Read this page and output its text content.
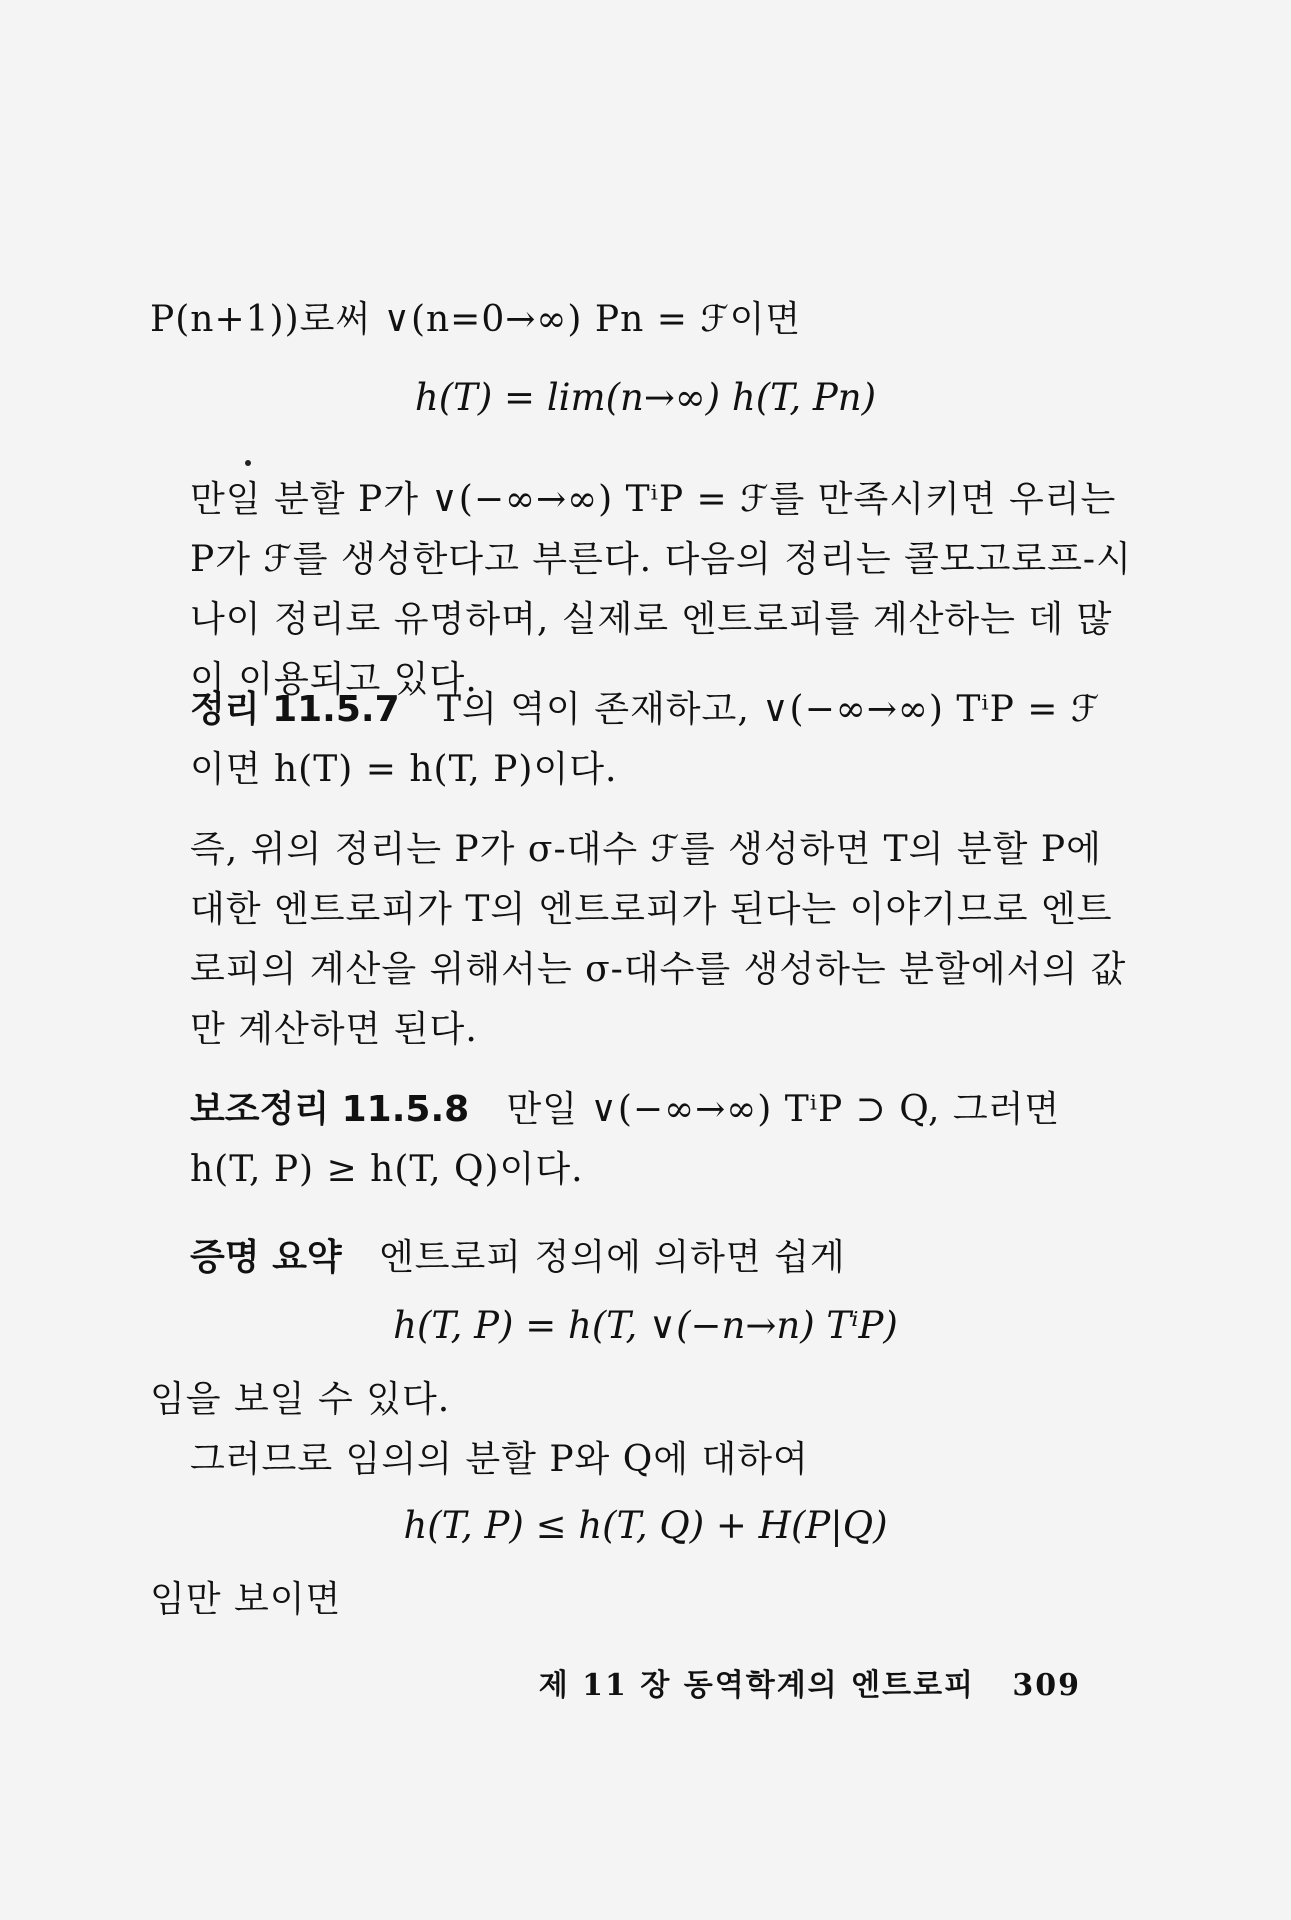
P(n+1))로써 ∨(n=0→∞) Pn = ℱ이면
h(T) = lim(n→∞) h(T, Pn)
만일 분할 P가 ∨(−∞→∞) TⁱP = ℱ를 만족시키면 우리는 P가 ℱ를 생성한다고 부른다. 다음의 정리는 콜모고로프-시나이 정리로 유명하며, 실제로 엔트로피를 계산하는 데 많이 이용되고 있다.
정리 11.5.7 T의 역이 존재하고, ∨(−∞→∞) TⁱP = ℱ이면 h(T) = h(T, P)이다.
즉, 위의 정리는 P가 σ-대수 ℱ를 생성하면 T의 분할 P에 대한 엔트로피가 T의 엔트로피가 된다는 이야기므로 엔트로피의 계산을 위해서는 σ-대수를 생성하는 분할에서의 값만 계산하면 된다.
보조정리 11.5.8 만일 ∨(−∞→∞) TⁱP ⊃ Q, 그러면 h(T, P) ≥ h(T, Q)이다.
증명 요약 엔트로피 정의에 의하면 쉽게
h(T, P) = h(T, ∨(−n→n) TⁱP)
임을 보일 수 있다.
그러므로 임의의 분할 P와 Q에 대하여
h(T, P) ≤ h(T, Q) + H(P|Q)
임만 보이면
제 11 장 동역학계의 엔트로피 309
